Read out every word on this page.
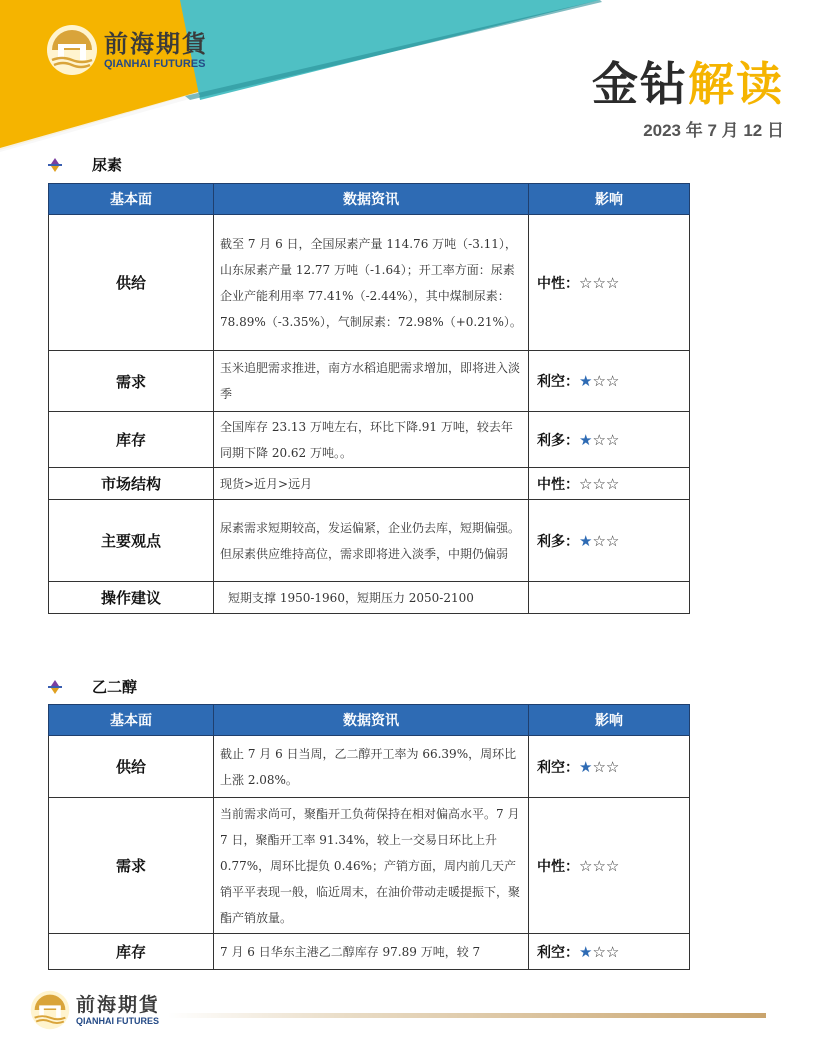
前海期貨
QIANHAI FUTURES	金钻解读
2023 年 7 月 12 日
尿素
基本面	数据资讯	影响
供给	截至 7 月 6 日，全国尿素产量 114.76 万吨（-3.11），山东尿素产量 12.77 万吨（-1.64）；开工率方面：尿素企业产能利用率 77.41%（-2.44%），其中煤制尿素：78.89%（-3.35%），气制尿素：72.98%（+0.21%）。	中性：☆☆☆
需求	玉米追肥需求推进，南方水稻追肥需求增加，即将进入淡季	利空：★☆☆
库存	全国库存 23.13 万吨左右，环比下降.91 万吨，较去年同期下降 20.62 万吨。。	利多：★☆☆
市场结构	现货>近月>远月	中性：☆☆☆
主要观点	尿素需求短期较高，发运偏紧，企业仍去库，短期偏强。但尿素供应维持高位，需求即将进入淡季，中期仍偏弱	利多：★☆☆
操作建议	短期支撑 1950-1960，短期压力 2050-2100	
乙二醇
基本面	数据资讯	影响
供给	截止 7 月 6 日当周，乙二醇开工率为 66.39%，周环比上涨 2.08%。	利空：★☆☆
需求	当前需求尚可，聚酯开工负荷保持在相对偏高水平。7 月 7 日，聚酯开工率 91.34%，较上一交易日环比上升 0.77%，周环比提负 0.46%；产销方面，周内前几天产销平平表现一般，临近周末，在油价带动走暖提振下，聚酯产销放量。	中性：☆☆☆
库存	7 月 6 日华东主港乙二醇库存 97.89 万吨，较 7	利空：★☆☆
前海期貨
QIANHAI FUTURES
